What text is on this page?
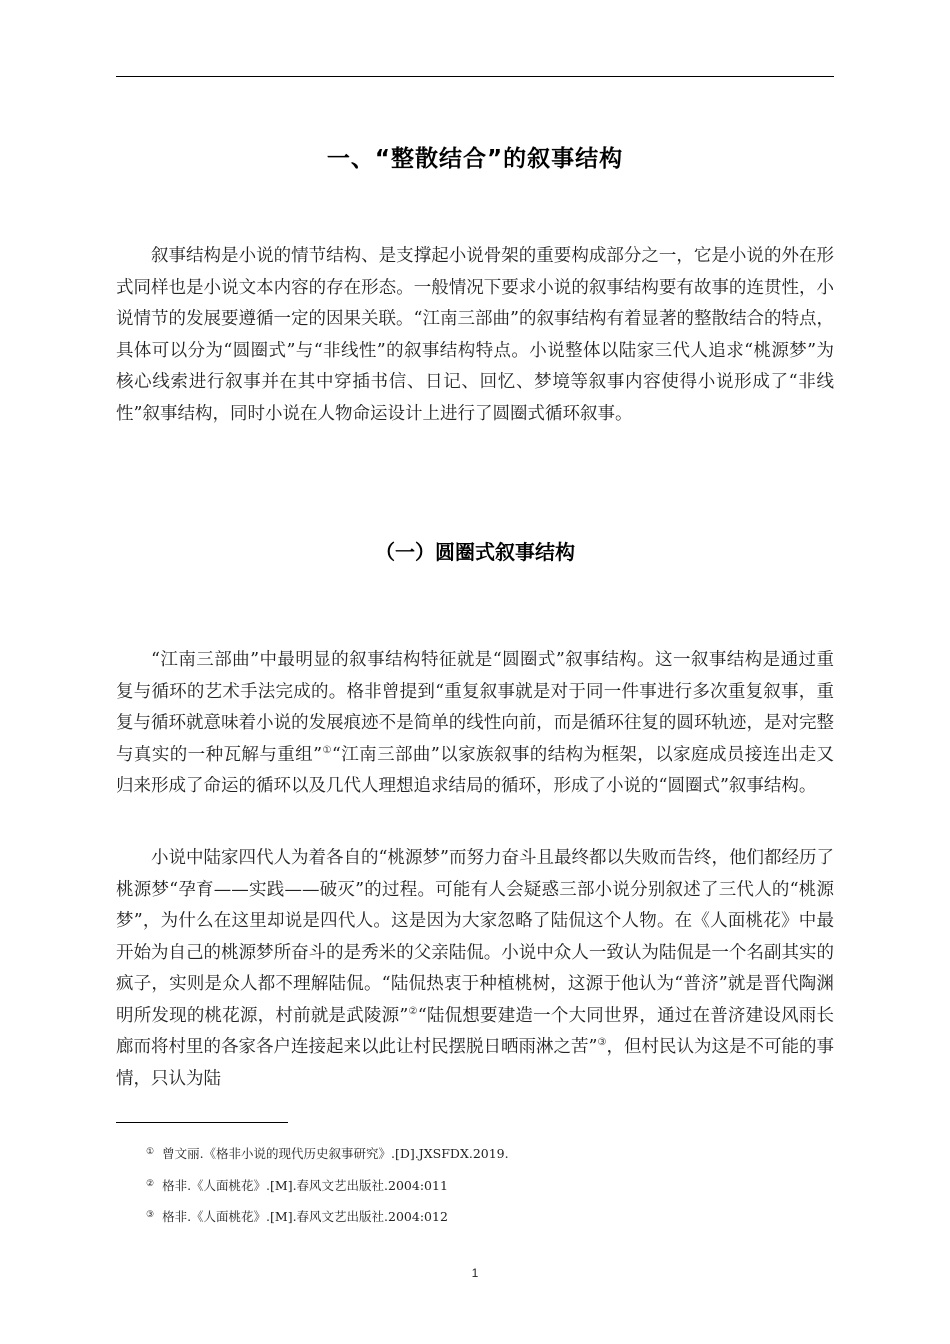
一、“整散结合”的叙事结构

叙事结构是小说的情节结构、是支撑起小说骨架的重要构成部分之一，它是小说的外在形式同样也是小说文本内容的存在形态。一般情况下要求小说的叙事结构要有故事的连贯性，小说情节的发展要遵循一定的因果关联。“江南三部曲”的叙事结构有着显著的整散结合的特点，具体可以分为“圆圈式”与“非线性”的叙事结构特点。小说整体以陆家三代人追求“桃源梦”为核心线索进行叙事并在其中穿插书信、日记、回忆、梦境等叙事内容使得小说形成了“非线性”叙事结构，同时小说在人物命运设计上进行了圆圈式循环叙事。

（一）圆圈式叙事结构

“江南三部曲”中最明显的叙事结构特征就是“圆圈式”叙事结构。这一叙事结构是通过重复与循环的艺术手法完成的。格非曾提到“重复叙事就是对于同一件事进行多次重复叙事，重复与循环就意味着小说的发展痕迹不是简单的线性向前，而是循环往复的圆环轨迹，是对完整与真实的一种瓦解与重组”①“江南三部曲”以家族叙事的结构为框架，以家庭成员接连出走又归来形成了命运的循环以及几代人理想追求结局的循环，形成了小说的“圆圈式”叙事结构。

小说中陆家四代人为着各自的“桃源梦”而努力奋斗且最终都以失败而告终，他们都经历了桃源梦“孕育——实践——破灭”的过程。可能有人会疑惑三部小说分别叙述了三代人的“桃源梦”，为什么在这里却说是四代人。这是因为大家忽略了陆侃这个人物。在《人面桃花》中最开始为自己的桃源梦所奋斗的是秀米的父亲陆侃。小说中众人一致认为陆侃是一个名副其实的疯子，实则是众人都不理解陆侃。“陆侃热衷于种植桃树，这源于他认为“普济”就是晋代陶渊明所发现的桃花源，村前就是武陵源”②“陆侃想要建造一个大同世界，通过在普济建设风雨长廊而将村里的各家各户连接起来以此让村民摆脱日晒雨淋之苦”③，但村民认为这是不可能的事情，只认为陆

① 曾文丽.《格非小说的现代历史叙事研究》.[D].JXSFDX.2019.
② 格非.《人面桃花》.[M].春风文艺出版社.2004:011
③ 格非.《人面桃花》.[M].春风文艺出版社.2004:012
1
